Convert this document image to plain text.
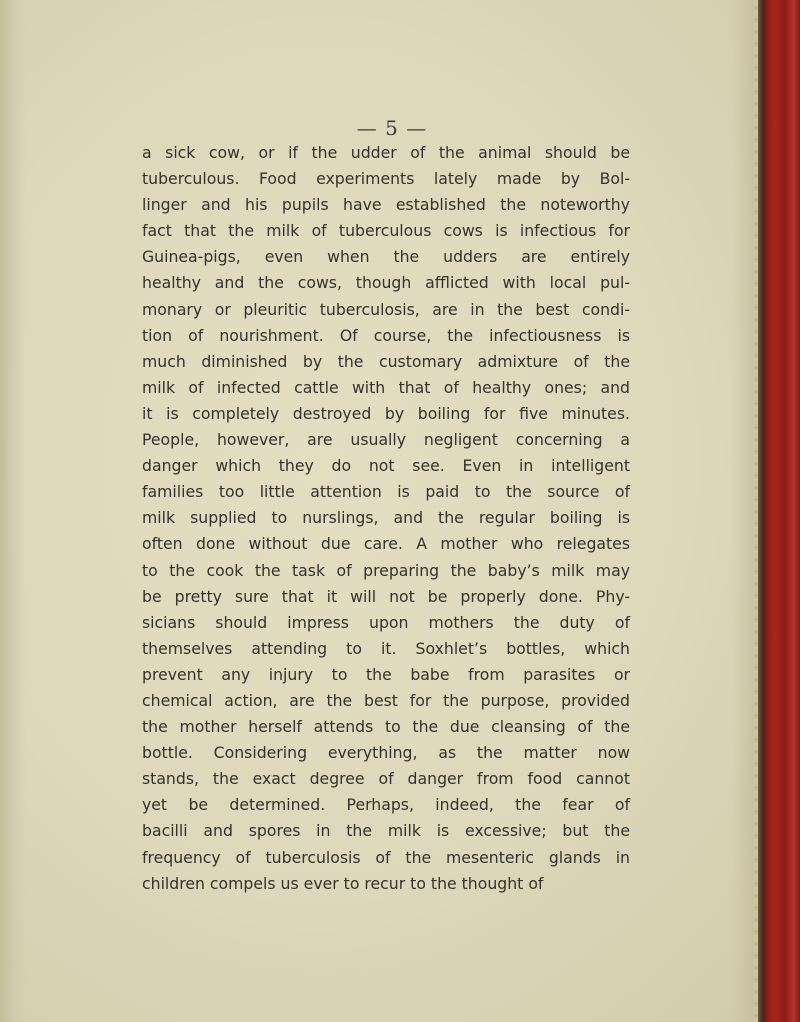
— 5 —
a sick cow, or if the udder of the animal should be
tuberculous. Food experiments lately made by Bol-
linger and his pupils have established the noteworthy
fact that the milk of tuberculous cows is infectious for
Guinea-pigs, even when the udders are entirely
healthy and the cows, though afflicted with local pul-
monary or pleuritic tuberculosis, are in the best condi-
tion of nourishment. Of course, the infectiousness is
much diminished by the customary admixture of the
milk of infected cattle with that of healthy ones; and
it is completely destroyed by boiling for five minutes.
People, however, are usually negligent concerning a
danger which they do not see. Even in intelligent
families too little attention is paid to the source of
milk supplied to nurslings, and the regular boiling is
often done without due care. A mother who relegates
to the cook the task of preparing the baby’s milk may
be pretty sure that it will not be properly done. Phy-
sicians should impress upon mothers the duty of
themselves attending to it. Soxhlet’s bottles, which
prevent any injury to the babe from parasites or
chemical action, are the best for the purpose, provided
the mother herself attends to the due cleansing of the
bottle. Considering everything, as the matter now
stands, the exact degree of danger from food cannot
yet be determined. Perhaps, indeed, the fear of
bacilli and spores in the milk is excessive; but the
frequency of tuberculosis of the mesenteric glands in
children compels us ever to recur to the thought of
